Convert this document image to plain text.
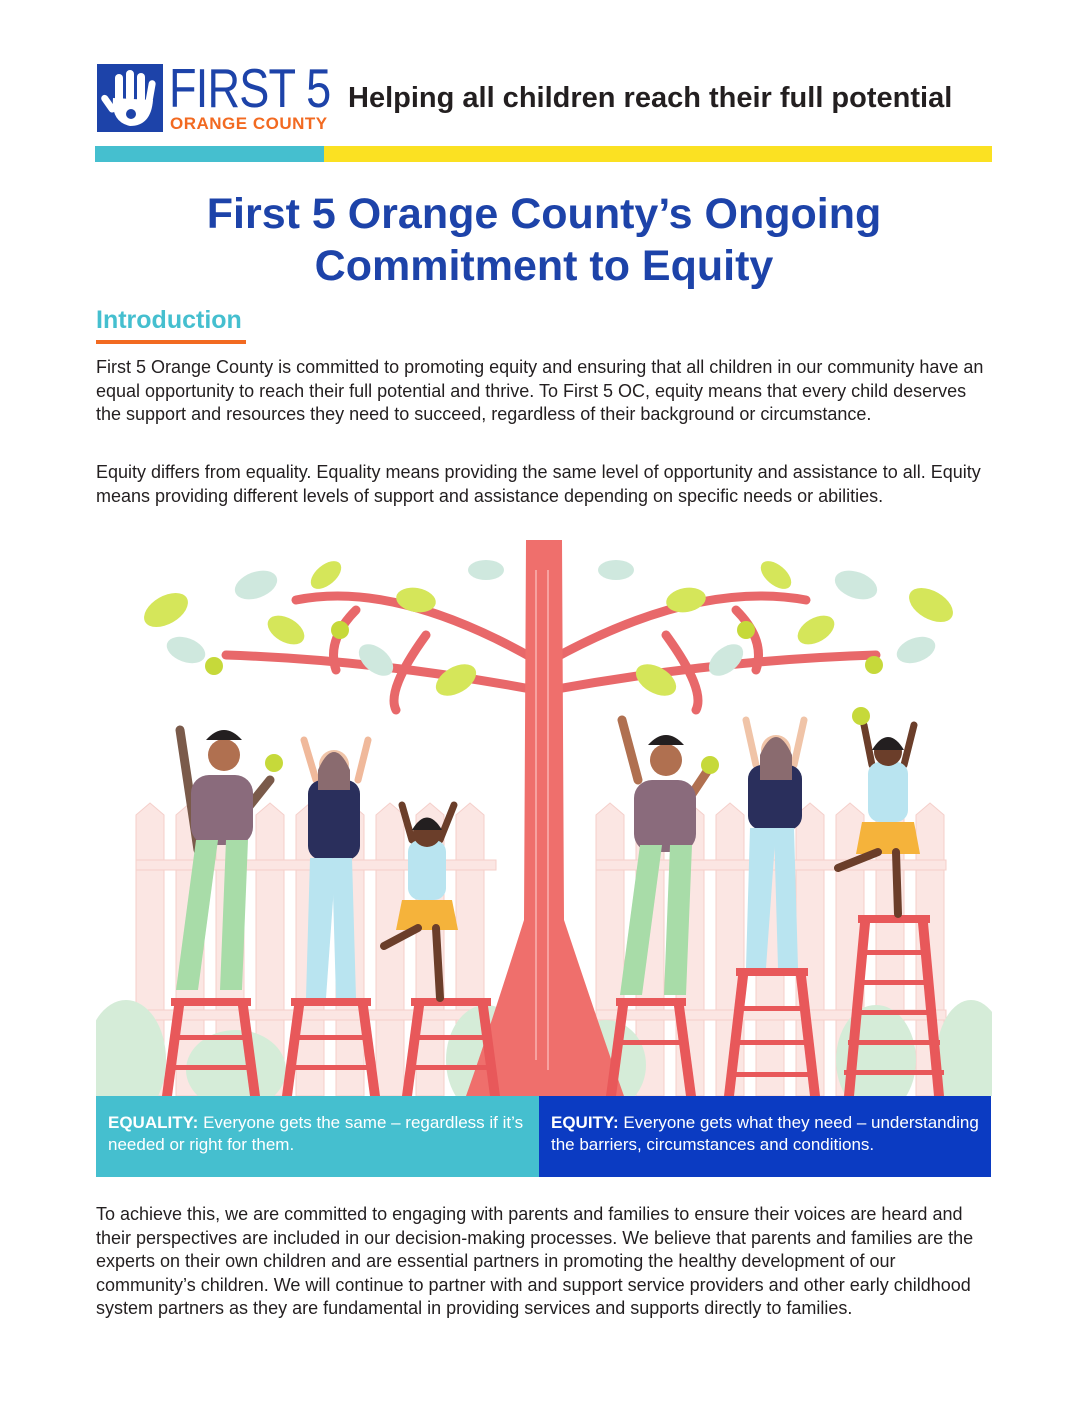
FIRST 5
ORANGE COUNTY
Helping all children reach their full potential
First 5 Orange County’s Ongoing
Commitment to Equity
Introduction

First 5 Orange County is committed to promoting equity and ensuring that all children in our community have an equal opportunity to reach their full potential and thrive. To First 5 OC, equity means that every child deserves the support and resources they need to succeed, regardless of their background or circumstance.

Equity differs from equality. Equality means providing the same level of opportunity and assistance to all. Equity means providing different levels of support and assistance depending on specific needs or abilities.

EQUALITY: Everyone gets the same – regardless if it’s needed or right for them.
EQUITY: Everyone gets what they need – understanding the barriers, circumstances and conditions.

To achieve this, we are committed to engaging with parents and families to ensure their voices are heard and their perspectives are included in our decision-making processes. We believe that parents and families are the experts on their own children and are essential partners in promoting the healthy development of our community’s children. We will continue to partner with and support service providers and other early childhood system partners as they are fundamental in providing services and supports directly to families.
